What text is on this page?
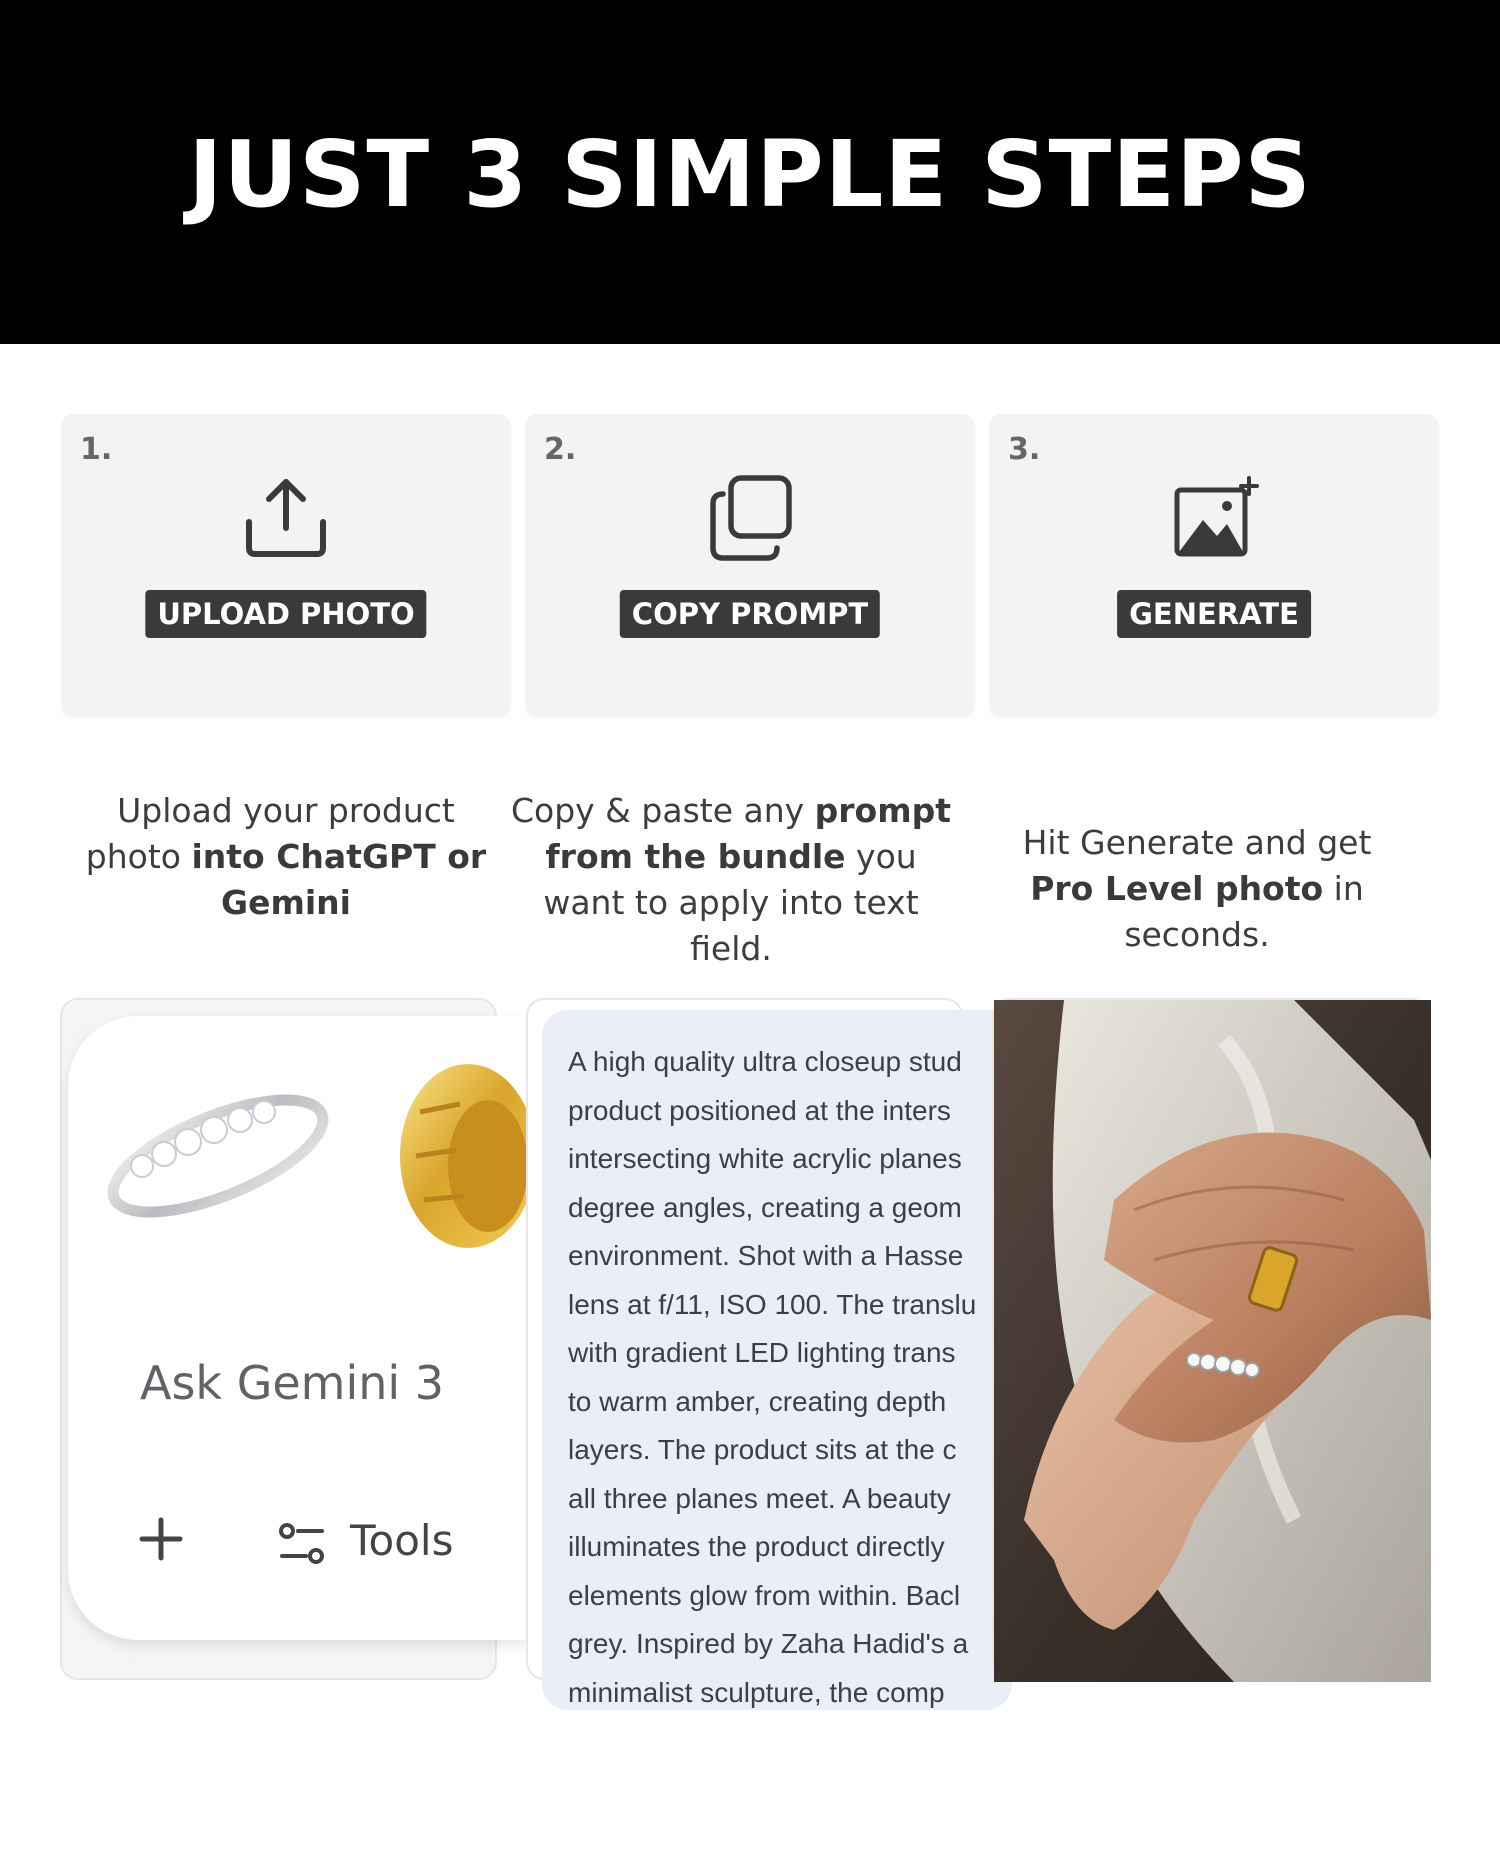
JUST 3 SIMPLE STEPS
1.
UPLOAD PHOTO
2.
COPY PROMPT
3.
GENERATE
Upload your product photo into ChatGPT or Gemini
Copy & paste any prompt from the bundle you want to apply into text field.
Hit Generate and get Pro Level photo in seconds.
Ask Gemini 3
Tools
A high quality ultra closeup stud
product positioned at the inters
intersecting white acrylic planes
degree angles, creating a geom
environment. Shot with a Hasse
lens at f/11, ISO 100. The translu
with gradient LED lighting trans
to warm amber, creating depth
layers. The product sits at the c
all three planes meet. A beauty
illuminates the product directly
elements glow from within. Bacl
grey. Inspired by Zaha Hadid's a
minimalist sculpture, the comp
